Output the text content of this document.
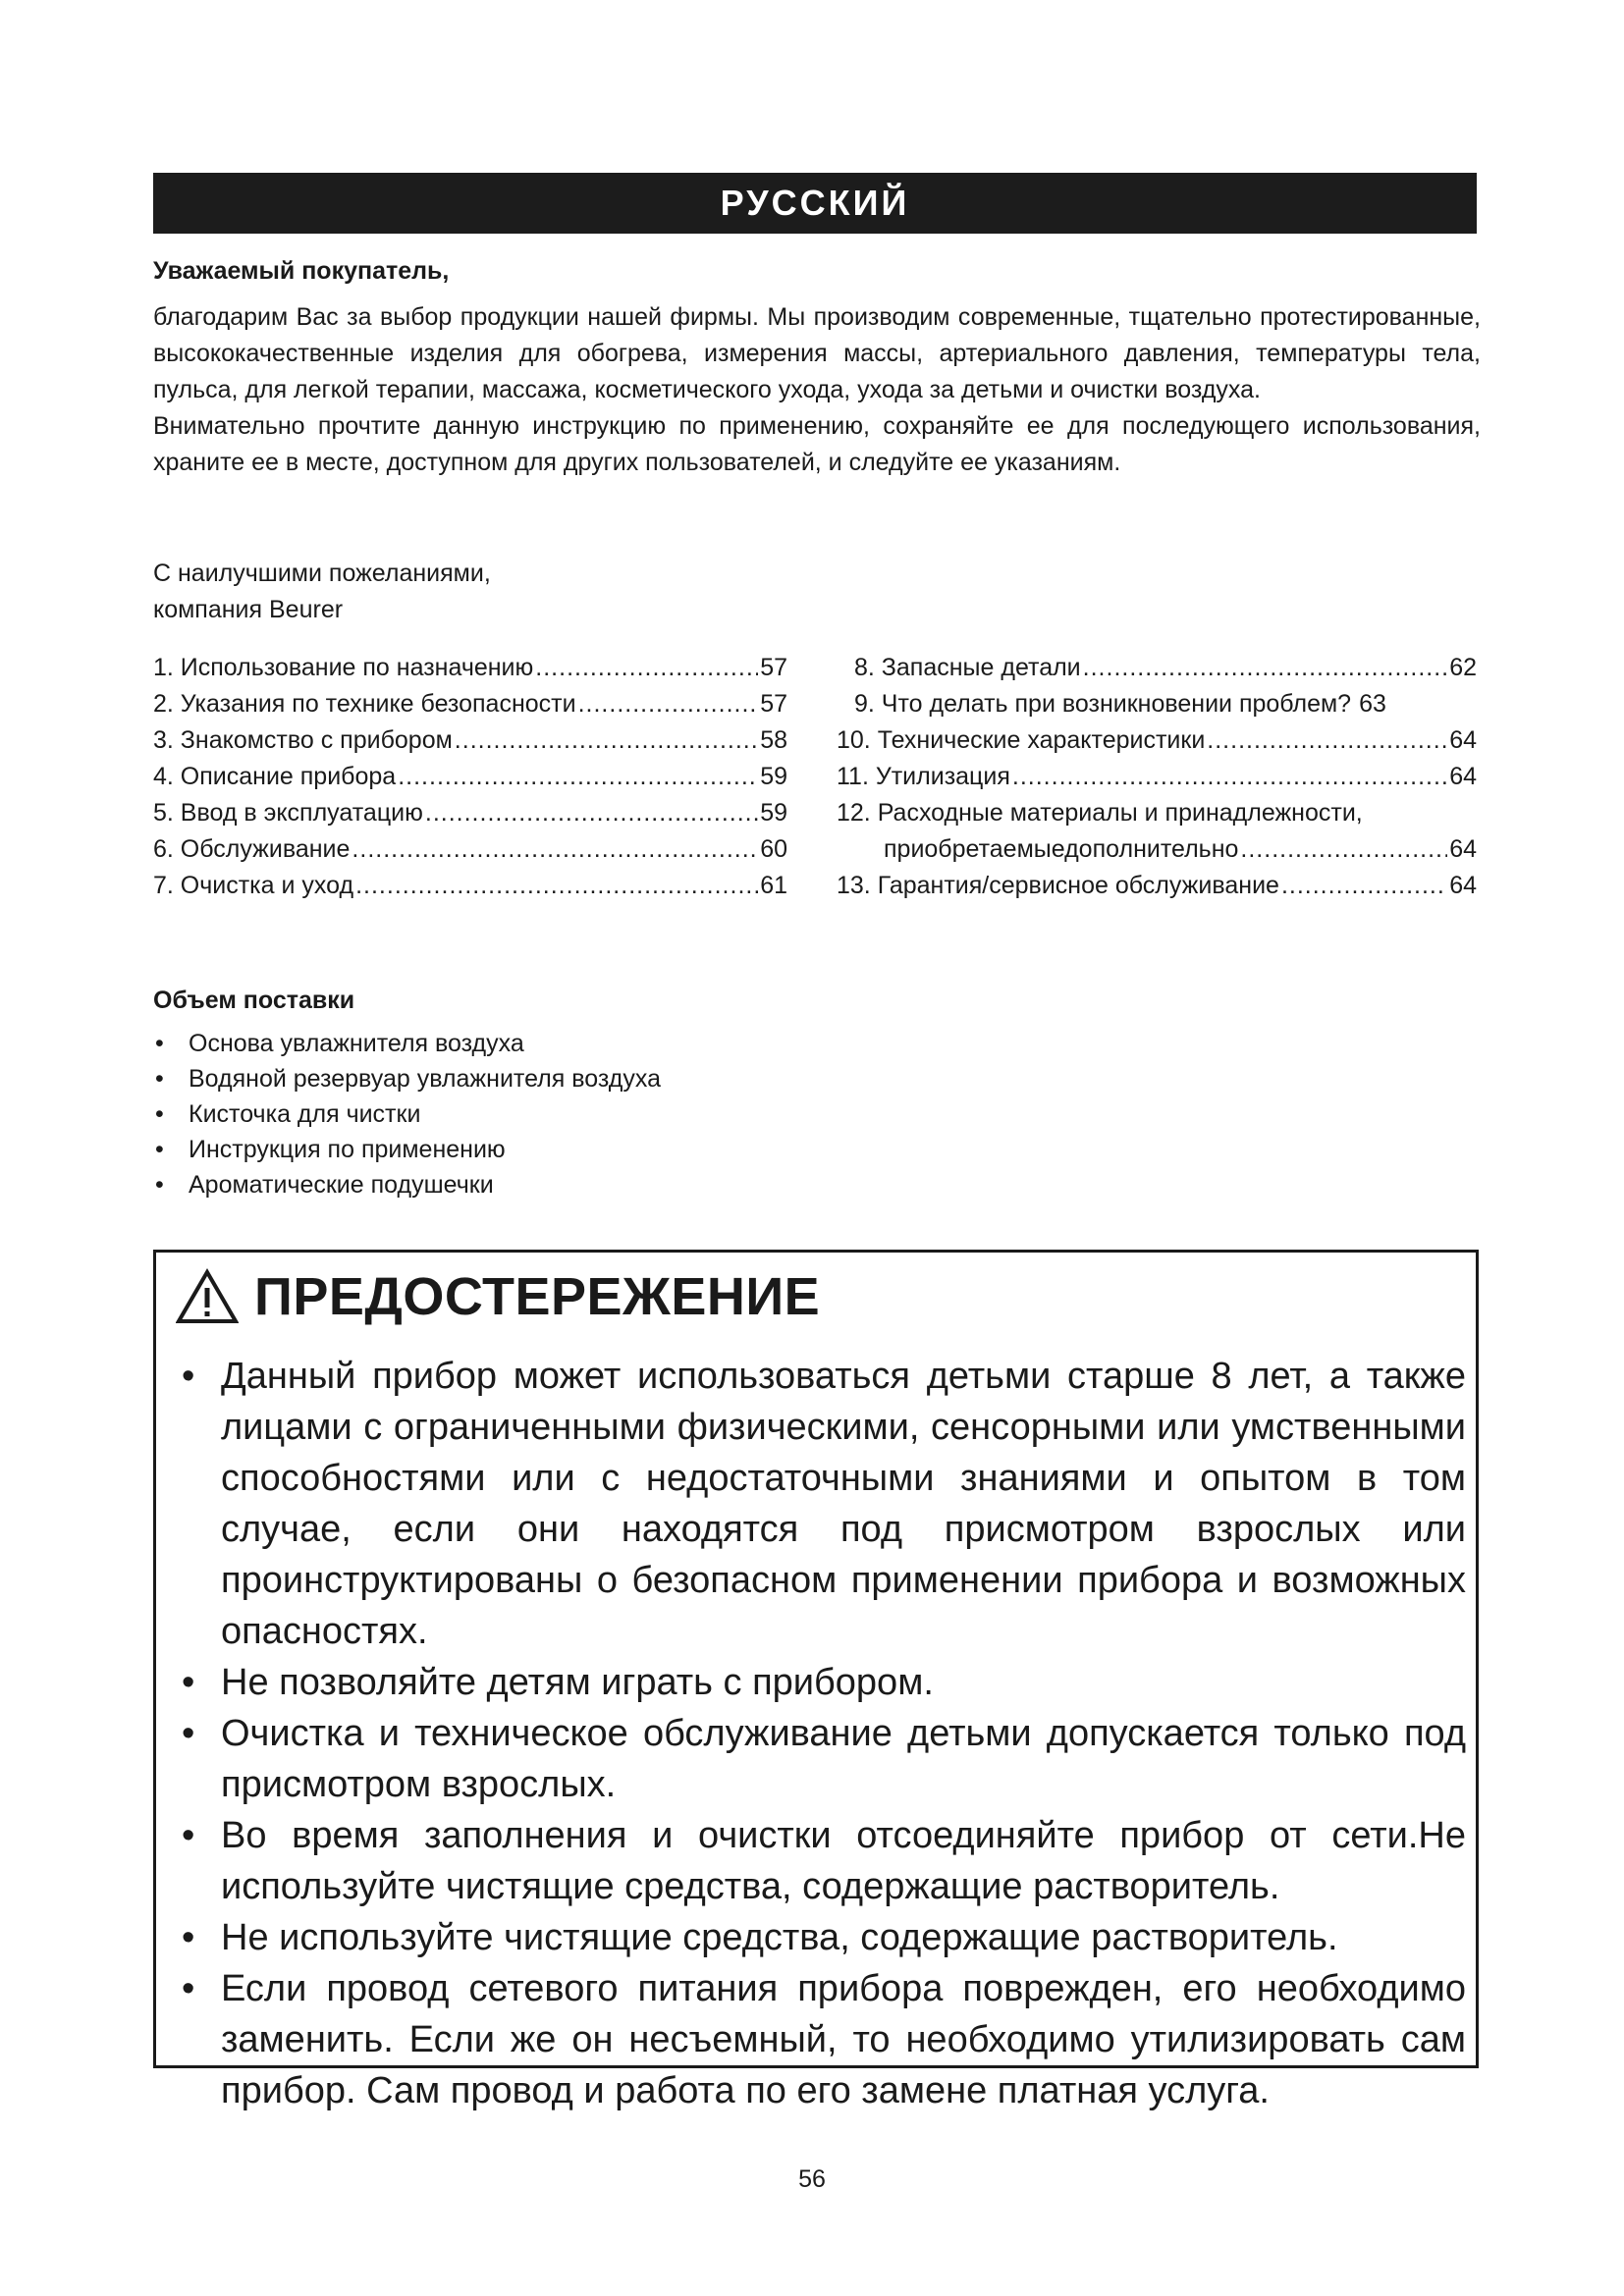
РУССКИЙ
Уважаемый покупатель,

благодарим Вас за выбор продукции нашей фирмы. Мы производим современные, тщательно протестированные, высококачественные изделия для обогрева, измерения массы, артериального давления, температуры тела, пульса, для легкой терапии, массажа, косметического ухода, ухода за детьми и очистки воздуха.

Внимательно прочтите данную инструкцию по применению, сохраняйте ее для последующего использования, храните ее в месте, доступном для других пользователей, и следуйте ее указаниям.

С наилучшими пожеланиями,
компания Beurer
1. Использование по назначению .....	57
2. Указания по технике безопасности .....	57
3. Знакомство с прибором .....	58
4. Описание прибора .....	59
5. Ввод в эксплуатацию .....	59
6. Обслуживание .....	60
7. Очистка и уход .....	61
8. Запасные детали .....	62
9. Что делать при возникновении проблем? 63
10. Технические характеристики .....	64
11. Утилизация .....	64
12. Расходные материалы и принадлежности,
приобретаемыедополнительно .....	64
13. Гарантия/сервисное обслуживание .....	64
Объем поставки
• Основа увлажнителя воздуха
• Водяной резервуар увлажнителя воздуха
• Кисточка для чистки
• Инструкция по применению
• Ароматические подушечки
ПРЕДОСТЕРЕЖЕНИЕ
• Данный прибор может использоваться детьми старше 8 лет, а также лицами с ограниченными физическими, сенсорными или умственными способностями или с недостаточными знаниями и опытом в том случае, если они находятся под присмотром взрослых или проинструктированы о безопасном применении прибора и возможных опасностях.
• Не позволяйте детям играть с прибором.
• Очистка и техническое обслуживание детьми допускается только под присмотром взрослых.
• Во время заполнения и очистки отсоединяйте прибор от сети.Не используйте чистящие средства, содержащие растворитель.
• Не используйте чистящие средства, содержащие растворитель.
• Если провод сетевого питания прибора поврежден, его необходимо заменить. Если же он несъемный, то необходимо утилизировать сам прибор. Сам провод и работа по его замене платная услуга.
56
